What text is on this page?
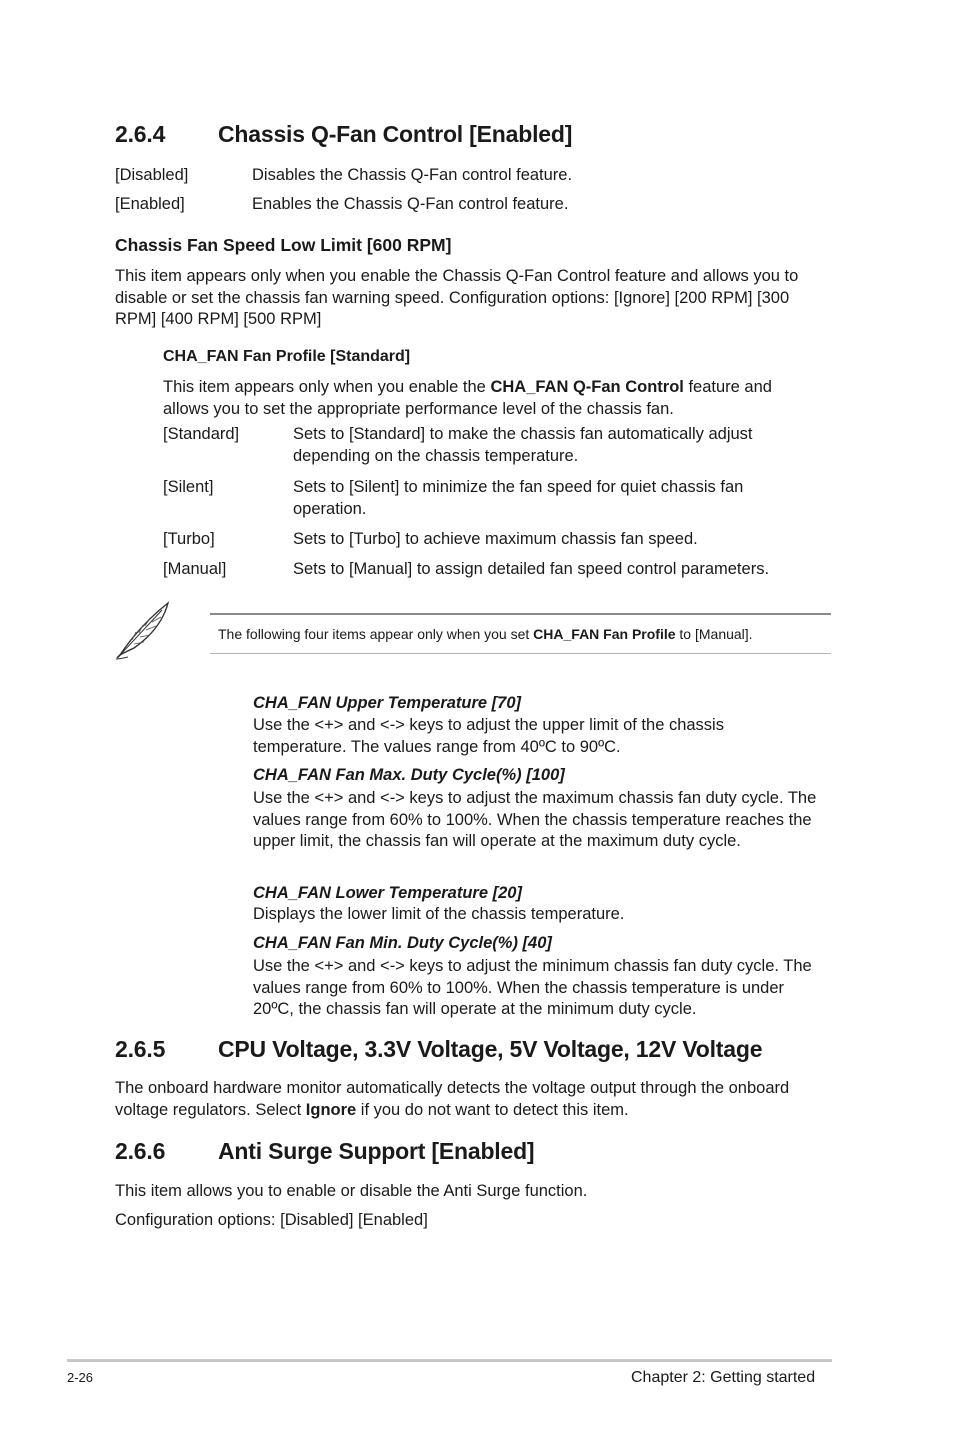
2.6.4 Chassis Q-Fan Control [Enabled]
[Disabled]	Disables the Chassis Q-Fan control feature.
[Enabled]	Enables the Chassis Q-Fan control feature.
Chassis Fan Speed Low Limit [600 RPM]
This item appears only when you enable the Chassis Q-Fan Control feature and allows you to disable or set the chassis fan warning speed. Configuration options: [Ignore] [200 RPM] [300 RPM] [400 RPM] [500 RPM]
CHA_FAN Fan Profile [Standard]
This item appears only when you enable the CHA_FAN Q-Fan Control feature and allows you to set the appropriate performance level of the chassis fan.
[Standard]	Sets to [Standard] to make the chassis fan automatically adjust depending on the chassis temperature.
[Silent]	Sets to [Silent] to minimize the fan speed for quiet chassis fan operation.
[Turbo]	Sets to [Turbo] to achieve maximum chassis fan speed.
[Manual]	Sets to [Manual] to assign detailed fan speed control parameters.
The following four items appear only when you set CHA_FAN Fan Profile to [Manual].
CHA_FAN Upper Temperature [70]
Use the <+> and <-> keys to adjust the upper limit of the chassis temperature. The values range from 40ºC to 90ºC.
CHA_FAN Fan Max. Duty Cycle(%) [100]
Use the <+> and <-> keys to adjust the maximum chassis fan duty cycle. The values range from 60% to 100%. When the chassis temperature reaches the upper limit, the chassis fan will operate at the maximum duty cycle.
CHA_FAN Lower Temperature [20]
Displays the lower limit of the chassis temperature.
CHA_FAN Fan Min. Duty Cycle(%) [40]
Use the <+> and <-> keys to adjust the minimum chassis fan duty cycle. The values range from 60% to 100%. When the chassis temperature is under 20ºC, the chassis fan will operate at the minimum duty cycle.
2.6.5 CPU Voltage, 3.3V Voltage, 5V Voltage, 12V Voltage
The onboard hardware monitor automatically detects the voltage output through the onboard voltage regulators. Select Ignore if you do not want to detect this item.
2.6.6 Anti Surge Support [Enabled]
This item allows you to enable or disable the Anti Surge function.
Configuration options: [Disabled] [Enabled]
2-26	Chapter 2: Getting started
